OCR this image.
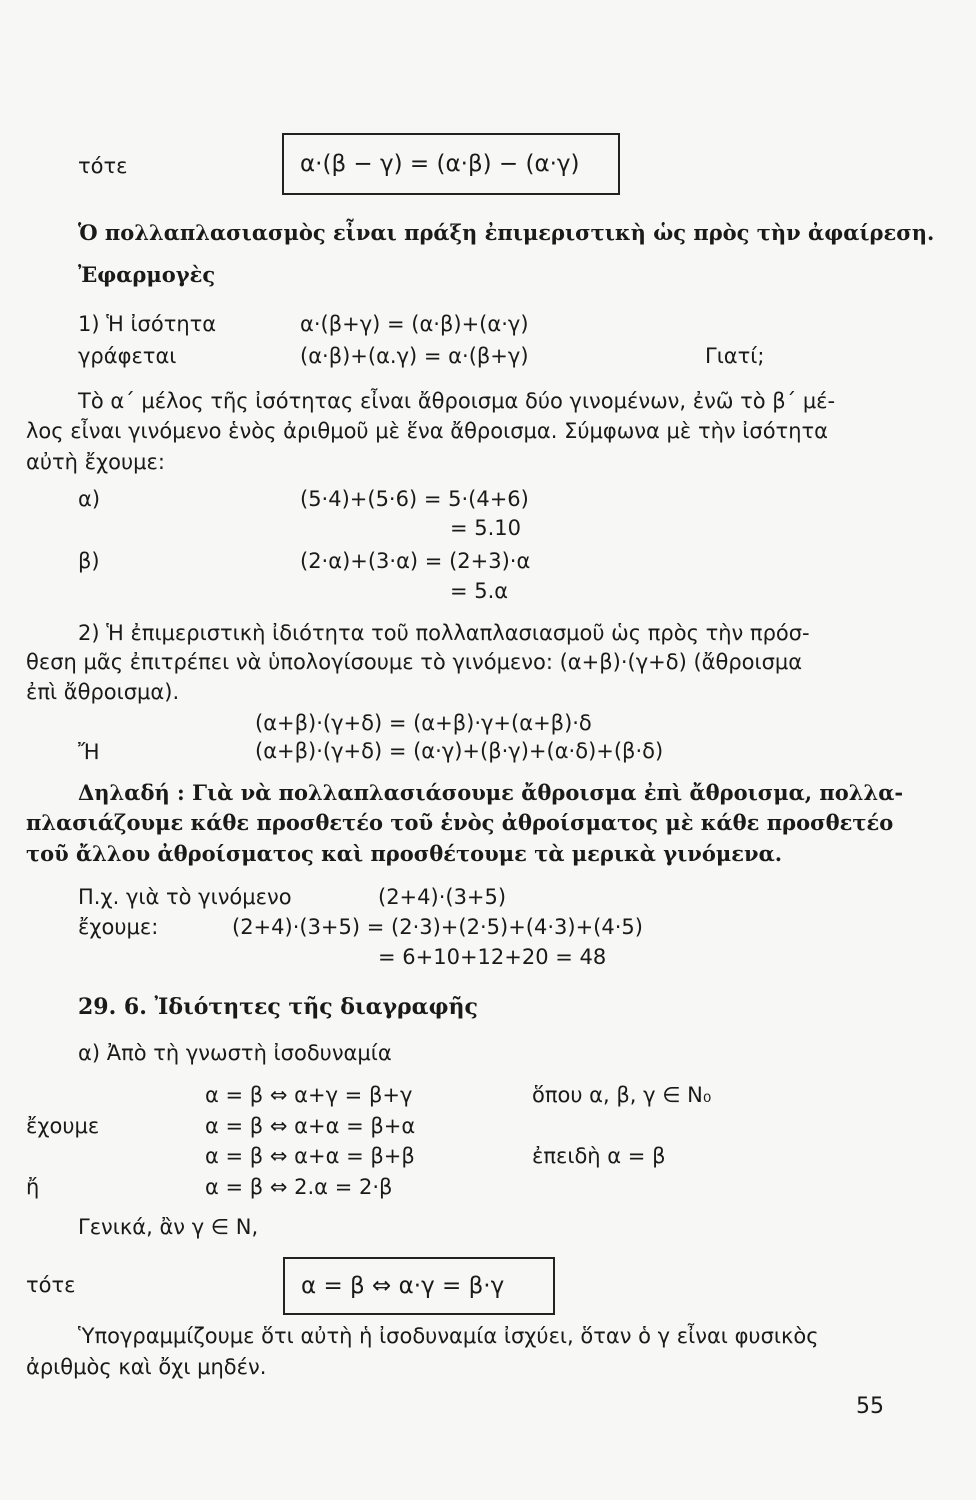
τότε	α·(β − γ) = (α·β) − (α·γ)
Ὁ πολλαπλασιασμὸς εἶναι πράξη ἐπιμεριστικὴ ὡς πρὸς τὴν ἀφαίρεση.
Ἐφαρμογὲς
1) Ἡ ἰσότητα	α·(β+γ) = (α·β)+(α·γ)
γράφεται	(α·β)+(α.γ) = α·(β+γ)	Γιατί;
Τὸ α΄ μέλος τῆς ἰσότητας εἶναι ἄθροισμα δύο γινομένων, ἐνῶ τὸ β΄ μέ-
λος εἶναι γινόμενο ἑνὸς ἀριθμοῦ μὲ ἕνα ἄθροισμα. Σύμφωνα μὲ τὴν ἰσότητα
αὐτὴ ἔχουμε:
α)	(5·4)+(5·6) = 5·(4+6)
= 5.10
β)	(2·α)+(3·α) = (2+3)·α
= 5.α
2) Ἡ ἐπιμεριστικὴ ἰδιότητα τοῦ πολλαπλασιασμοῦ ὡς πρὸς τὴν πρόσ-
θεση μᾶς ἐπιτρέπει νὰ ὑπολογίσουμε τὸ γινόμενο: (α+β)·(γ+δ) (ἄθροισμα
ἐπὶ ἄθροισμα).
(α+β)·(γ+δ) = (α+β)·γ+(α+β)·δ
Ἤ	(α+β)·(γ+δ) = (α·γ)+(β·γ)+(α·δ)+(β·δ)
Δηλαδή : Γιὰ νὰ πολλαπλασιάσουμε ἄθροισμα ἐπὶ ἄθροισμα, πολλα-
πλασιάζουμε κάθε προσθετέο τοῦ ἑνὸς ἀθροίσματος μὲ κάθε προσθετέο
τοῦ ἄλλου ἀθροίσματος καὶ προσθέτουμε τὰ μερικὰ γινόμενα.
Π.χ. γιὰ τὸ γινόμενο	(2+4)·(3+5)
ἔχουμε:	(2+4)·(3+5) = (2·3)+(2·5)+(4·3)+(4·5)
= 6+10+12+20 = 48
29. 6. Ἰδιότητες τῆς διαγραφῆς
α) Ἀπὸ τὴ γνωστὴ ἰσοδυναμία
α = β ⇔ α+γ = β+γ	ὅπου α, β, γ ∈ N₀
ἔχουμε	α = β ⇔ α+α = β+α
α = β ⇔ α+α = β+β	ἐπειδὴ α = β
ἤ	α = β ⇔ 2.α = 2·β
Γενικά, ἂν γ ∈ N,
τότε	α = β ⇔ α·γ = β·γ
Ὑπογραμμίζουμε ὅτι αὐτὴ ἡ ἰσοδυναμία ἰσχύει, ὅταν ὁ γ εἶναι φυσικὸς
ἀριθμὸς καὶ ὄχι μηδέν.
55
